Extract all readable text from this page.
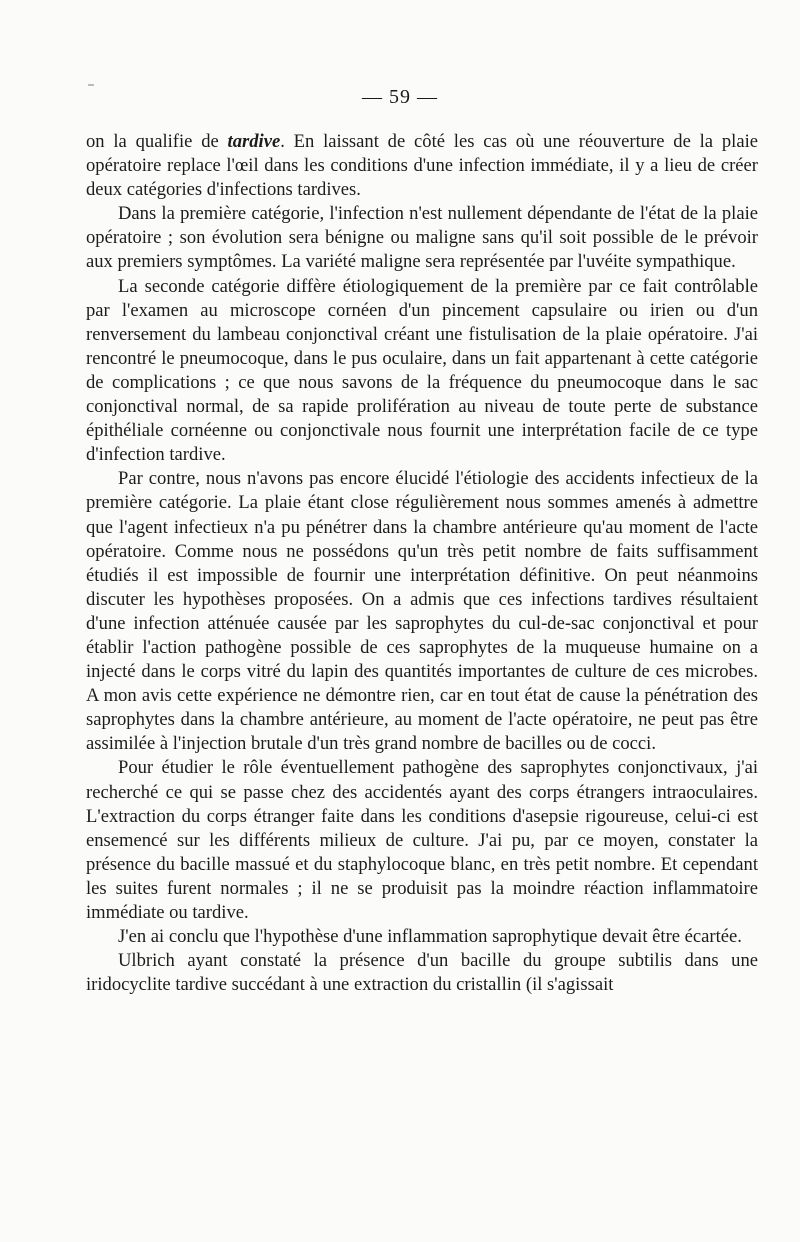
— 59 —

on la qualifie de tardive. En laissant de côté les cas où une réouverture de la plaie opératoire replace l'œil dans les conditions d'une infection immédiate, il y a lieu de créer deux catégories d'infections tardives.

Dans la première catégorie, l'infection n'est nullement dépendante de l'état de la plaie opératoire ; son évolution sera bénigne ou maligne sans qu'il soit possible de le prévoir aux premiers symptômes. La variété maligne sera représentée par l'uvéite sympathique.

La seconde catégorie diffère étiologiquement de la première par ce fait contrôlable par l'examen au microscope cornéen d'un pincement capsulaire ou irien ou d'un renversement du lambeau conjonctival créant une fistulisation de la plaie opératoire. J'ai rencontré le pneumocoque, dans le pus oculaire, dans un fait appartenant à cette catégorie de complications ; ce que nous savons de la fréquence du pneumocoque dans le sac conjonctival normal, de sa rapide prolifération au niveau de toute perte de substance épithéliale cornéenne ou conjonctivale nous fournit une interprétation facile de ce type d'infection tardive.

Par contre, nous n'avons pas encore élucidé l'étiologie des accidents infectieux de la première catégorie. La plaie étant close régulièrement nous sommes amenés à admettre que l'agent infectieux n'a pu pénétrer dans la chambre antérieure qu'au moment de l'acte opératoire. Comme nous ne possédons qu'un très petit nombre de faits suffisamment étudiés il est impossible de fournir une interprétation définitive. On peut néanmoins discuter les hypothèses proposées. On a admis que ces infections tardives résultaient d'une infection atténuée causée par les saprophytes du cul-de-sac conjonctival et pour établir l'action pathogène possible de ces saprophytes de la muqueuse humaine on a injecté dans le corps vitré du lapin des quantités importantes de culture de ces microbes. A mon avis cette expérience ne démontre rien, car en tout état de cause la pénétration des saprophytes dans la chambre antérieure, au moment de l'acte opératoire, ne peut pas être assimilée à l'injection brutale d'un très grand nombre de bacilles ou de cocci.

Pour étudier le rôle éventuellement pathogène des saprophytes conjonctivaux, j'ai recherché ce qui se passe chez des accidentés ayant des corps étrangers intraoculaires. L'extraction du corps étranger faite dans les conditions d'asepsie rigoureuse, celui-ci est ensemencé sur les différents milieux de culture. J'ai pu, par ce moyen, constater la présence du bacille massué et du staphylocoque blanc, en très petit nombre. Et cependant les suites furent normales ; il ne se produisit pas la moindre réaction inflammatoire immédiate ou tardive.

J'en ai conclu que l'hypothèse d'une inflammation saprophytique devait être écartée.

Ulbrich ayant constaté la présence d'un bacille du groupe subtilis dans une iridocyclite tardive succédant à une extraction du cristallin (il s'agissait
